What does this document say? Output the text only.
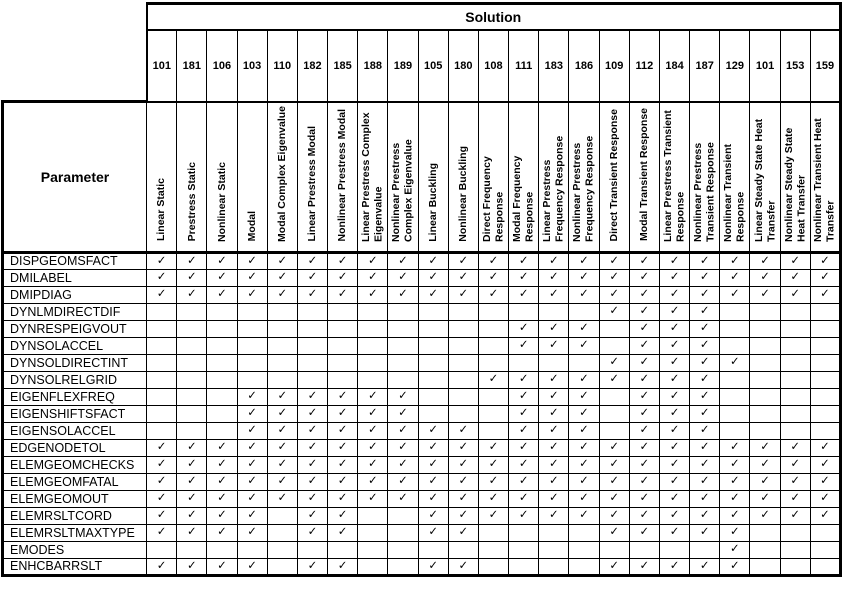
	Solution																						
	101	181	106	103	110	182	185	188	189	105	180	108	111	183	186	109	112	184	187	129	101	153	159
Parameter	Linear Static	Prestress Static	Nonlinear Static	Modal	Modal Complex Eigenvalue	Linear Prestress Modal	Nonlinear Prestress Modal	Linear Prestress Complex Eigenvalue	Nonlinear Prestress Complex Eigenvalue	Linear Buckling	Nonlinear Buckling	Direct Frequency Response	Modal Frequency Response	Linear Prestress Frequency Response	Nonlinear Prestress Frequency Response	Direct Transient Response	Modal Transient Response	Linear Prestress Transient Response	Nonlinear Prestress Transient Response	Nonlinear Transient Response	Linear Steady State Heat Transfer	Nonlinear Steady State Heat Transfer	Nonlinear Transient Heat Transfer
DISPGEOMSFACT	✓	✓	✓	✓	✓	✓	✓	✓	✓	✓	✓	✓	✓	✓	✓	✓	✓	✓	✓	✓	✓	✓	✓
DMILABEL	✓	✓	✓	✓	✓	✓	✓	✓	✓	✓	✓	✓	✓	✓	✓	✓	✓	✓	✓	✓	✓	✓	✓
DMIPDIAG	✓	✓	✓	✓	✓	✓	✓	✓	✓	✓	✓	✓	✓	✓	✓	✓	✓	✓	✓	✓	✓	✓	✓
DYNLMDIRECTDIF																✓	✓	✓	✓				
DYNRESPEIGVOUT													✓	✓	✓		✓	✓	✓				
DYNSOLACCEL													✓	✓	✓		✓	✓	✓				
DYNSOLDIRECTINT																✓	✓	✓	✓	✓			
DYNSOLRELGRID												✓	✓	✓	✓	✓	✓	✓	✓				
EIGENFLEXFREQ				✓	✓	✓	✓	✓	✓				✓	✓	✓		✓	✓	✓				
EIGENSHIFTSFACT				✓	✓	✓	✓	✓	✓				✓	✓	✓		✓	✓	✓				
EIGENSOLACCEL				✓	✓	✓	✓	✓	✓	✓	✓		✓	✓	✓		✓	✓	✓				
EDGENODETOL	✓	✓	✓	✓	✓	✓	✓	✓	✓	✓	✓	✓	✓	✓	✓	✓	✓	✓	✓	✓	✓	✓	✓
ELEMGEOMCHECKS	✓	✓	✓	✓	✓	✓	✓	✓	✓	✓	✓	✓	✓	✓	✓	✓	✓	✓	✓	✓	✓	✓	✓
ELEMGEOMFATAL	✓	✓	✓	✓	✓	✓	✓	✓	✓	✓	✓	✓	✓	✓	✓	✓	✓	✓	✓	✓	✓	✓	✓
ELEMGEOMOUT	✓	✓	✓	✓	✓	✓	✓	✓	✓	✓	✓	✓	✓	✓	✓	✓	✓	✓	✓	✓	✓	✓	✓
ELEMRSLTCORD	✓	✓	✓	✓		✓	✓			✓	✓	✓	✓	✓	✓	✓	✓	✓	✓	✓	✓	✓	✓
ELEMRSLTMAXTYPE	✓	✓	✓	✓		✓	✓			✓	✓					✓	✓	✓	✓	✓			
EMODES																				✓			
ENHCBARRSLT	✓	✓	✓	✓		✓	✓			✓	✓					✓	✓	✓	✓	✓			
